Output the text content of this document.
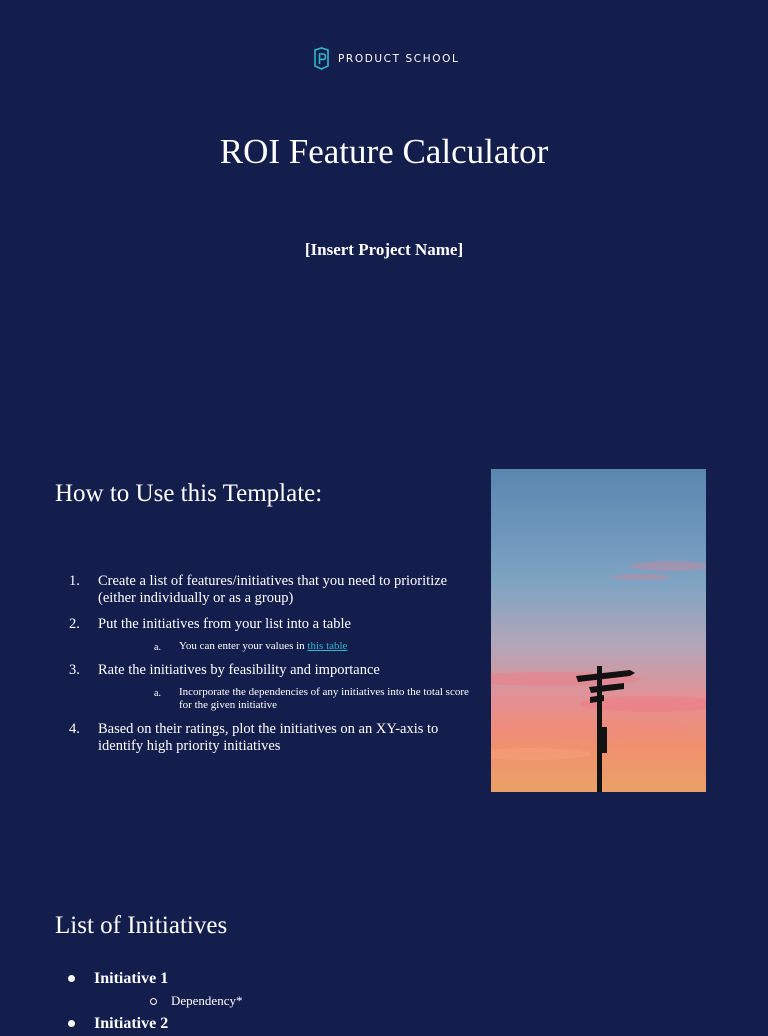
PRODUCT SCHOOL
ROI Feature Calculator
[Insert Project Name]
How to Use this Template:
1. Create a list of features/initiatives that you need to prioritize (either individually or as a group)
2. Put the initiatives from your list into a table

a. You can enter your values in this table

3. Rate the initiatives by feasibility and importance

a. Incorporate the dependencies of any initiatives into the total score for the given initiative

4. Based on their ratings, plot the initiatives on an XY-axis to identify high priority initiatives
List of Initiatives
Initiative 1
Dependency*
Initiative 2
